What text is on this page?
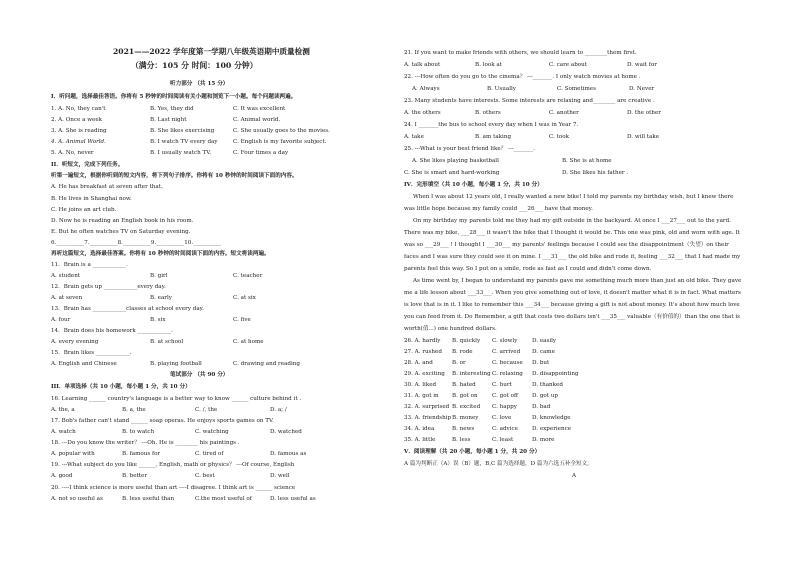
2021——2022 学年度第一学期八年级英语期中质量检测
（满分：105 分 时间：100 分钟）
听力部分 （共 15 分）
I．听问题，选择最佳答语。你将有 5 秒钟的时间阅读有关小题和浏览下一小题。每个问题读两遍。
1. A. No, they can't	B. Yes, they did	C. It was excellent
2. A. Once a week	B. Last night	C. Animal world.
3. A. She is reading	B. She likes exercising	C. She usually goes to the movies.
4. A. Animal World.	B. I watch TV every day	C. English is my favorite subject.
5. A. No, never	B. I usually watch TV.	C. Four times a day
II．听短文，完成下列任务。
听第一遍短文，根据你听到的短文内容，将下列句子排序。你将有 10 秒钟的时间阅读下面的内容。
A. He has breakfast at seven after that。
B. He lives in Shanghai now.
C. He joins an art club.
D. Now he is reading an English book in his room.
E. But he often watches TV on Saturday evening.
6.__________7.__________8.__________9.__________10.__________
再听这篇短文，选择最佳答案。你将有 10 秒钟的时间阅读下面的内容。短文将读两遍。
11．Brain is a ____________.
A. student	B. girl	C. teacher
12．Brain gets up ____________every day.
A. at seven	B. early	C. at six
13．Brain has ____________classes at school every day.
A. four	B. six	C. five
14．Brain does his homework ____________.
A. every evening	B. at school	C. at home
15．Brain likes ____________.
A. English and Chinese	B. playing football	C. drawing and reading
笔试部分 （共 90 分）
III．单项选择（共 10 小题，每小题 1 分，共 10 分）
16. Learning ______ country's language is a better way to know ______ culture behind it .
A. the, a	B. a, the	C. /, the	D. a; /
17. Bob's father can't stand ______ soap operas. He enjoys sports games on TV.
A. watch	B. to watch	C. watching	D. watched
18. ---Do you know the writer？ ---Oh. He is ________ his paintings .
A. popular with	B. famous for	C. tired of	D. famous as
19. ---What subject do you like ______, English, math or physics？ ---Of course, English
A. good	B. better	C. best	D. well
20. ----I think science is more useful than art ----I disagree. I think art is ______ science
A. not so useful as	B. less useful than	C.the most useful of	D. less useful as
21. If you want to make friends with others, we should learn to ________them first.
A. talk about	B. look at	C. care about	D. wait for
22. ---How often do you go to the cinema？ ---_______. I only watch movies at home .
A. Always	B. Usually	C. Sometimes	D. Never
23. Many students have interests. Some interests are relaxing and________ are creative .
A. the others	B. others	C. another	D. the other
24. I _______the bus to school every day when I was in Year 7.
A. take	B. am taking	C. took	D. will take
25. ---What is your best friend like？ ---_______.
A. She likes playing basketball	B. She is at home
C. She is smart and hard-working	D. She likes his father .
IV．完形填空（共 10 小题，每小题 1 分，共 10 分）
When I was about 12 years old, I really wanted a new bike! I told my parents my birthday wish, but I knew there
was little hope because my family could ___26___ have that money.
On my birthday my parents told me they had my gift outside in the backyard. At once I ___27___ out to the yard.
There was my bike, ___28___ it wasn't the bike that I thought it would be. This one was pink, old and worn with age. It
was so ___29___ ! I thought I ___30___ my parents' feelings because I could see the disappointment（失望）on their
faces and I was sure they could see it on mine. I ___31___ the old bike and rode it, feeling ___32___ that I had made my
parents feel this way. So I put on a smile, rode as fast as I could and didn't come down.
As time went by, I began to understand my parents gave me something much more than just an old bike. They gave
me a life lesson about ___33___. When you give something out of love, it doesn't matter what it is in fact. What matters
is love that is in it. I like to remember this ___34___ because giving a gift is not about money. It's about how much love
you can feed from it. Do Remember, a gift that costs two dollars isn't ___35___ valuable（有价值的）than the one that is
worth(值...) one hundred dollars.
26. A. hardly B. quickly C. slowly	D. easily
27. A. rushed B. rode	C. arrived D. came
28. A. and	B. or	C. because D. but
29. A. exciting B. interesting C. relaxing D. disappointing
30. A. liked	B. hated	C. hurt	D. thanked
31. A. got in B. got on	C. got off	D. got up
32. A. surprised B. excited C. happy	D. bad
33. A. friendship B. money C. love	D. knowledge
34. A. idea	B. news	C. advice	D. experience
35. A. little	B. less	C. least	D. more
V．阅读理解（共 20 小题，每小题 1 分，共 20 分）
A 篇为判断正（A）误（B）题，B,C 篇为选择题，D 篇为六选五补全短文。
A
